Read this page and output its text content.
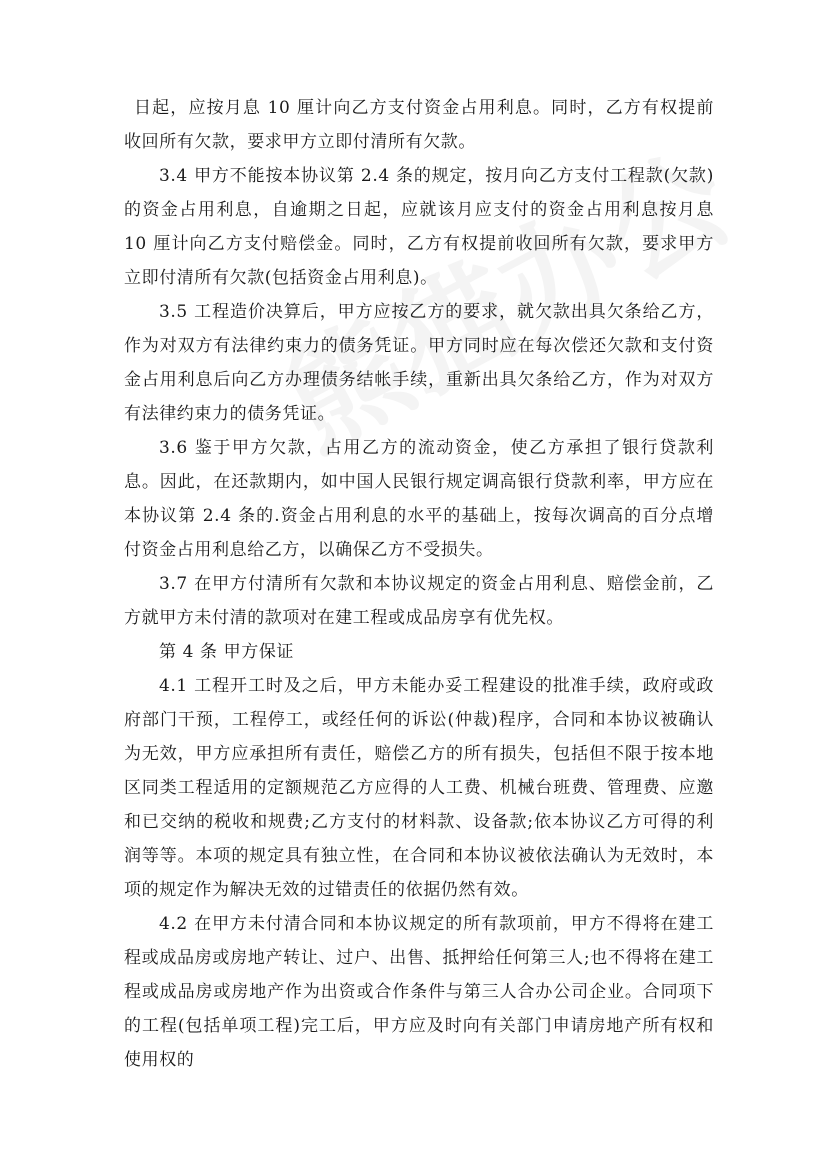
日起，应按月息 10 厘计向乙方支付资金占用利息。同时，乙方有权提前收回所有欠款，要求甲方立即付清所有欠款。

3.4 甲方不能按本协议第 2.4 条的规定，按月向乙方支付工程款(欠款)的资金占用利息，自逾期之日起，应就该月应支付的资金占用利息按月息 10 厘计向乙方支付赔偿金。同时，乙方有权提前收回所有欠款，要求甲方立即付清所有欠款(包括资金占用利息)。

3.5 工程造价决算后，甲方应按乙方的要求，就欠款出具欠条给乙方，作为对双方有法律约束力的债务凭证。甲方同时应在每次偿还欠款和支付资金占用利息后向乙方办理债务结帐手续，重新出具欠条给乙方，作为对双方有法律约束力的债务凭证。

3.6 鉴于甲方欠款，占用乙方的流动资金，使乙方承担了银行贷款利息。因此，在还款期内，如中国人民银行规定调高银行贷款利率，甲方应在本协议第 2.4 条的.资金占用利息的水平的基础上，按每次调高的百分点增付资金占用利息给乙方，以确保乙方不受损失。

3.7 在甲方付清所有欠款和本协议规定的资金占用利息、赔偿金前，乙方就甲方未付清的款项对在建工程或成品房享有优先权。

第 4 条 甲方保证

4.1 工程开工时及之后，甲方未能办妥工程建设的批准手续，政府或政府部门干预，工程停工，或经任何的诉讼(仲裁)程序，合同和本协议被确认为无效，甲方应承担所有责任，赔偿乙方的所有损失，包括但不限于按本地区同类工程适用的定额规范乙方应得的人工费、机械台班费、管理费、应邀和已交纳的税收和规费;乙方支付的材料款、设备款;依本协议乙方可得的利润等等。本项的规定具有独立性，在合同和本协议被依法确认为无效时，本项的规定作为解决无效的过错责任的依据仍然有效。

4.2 在甲方未付清合同和本协议规定的所有款项前，甲方不得将在建工程或成品房或房地产转让、过户、出售、抵押给任何第三人;也不得将在建工程或成品房或房地产作为出资或合作条件与第三人合办公司企业。合同项下的工程(包括单项工程)完工后，甲方应及时向有关部门申请房地产所有权和使用权的
